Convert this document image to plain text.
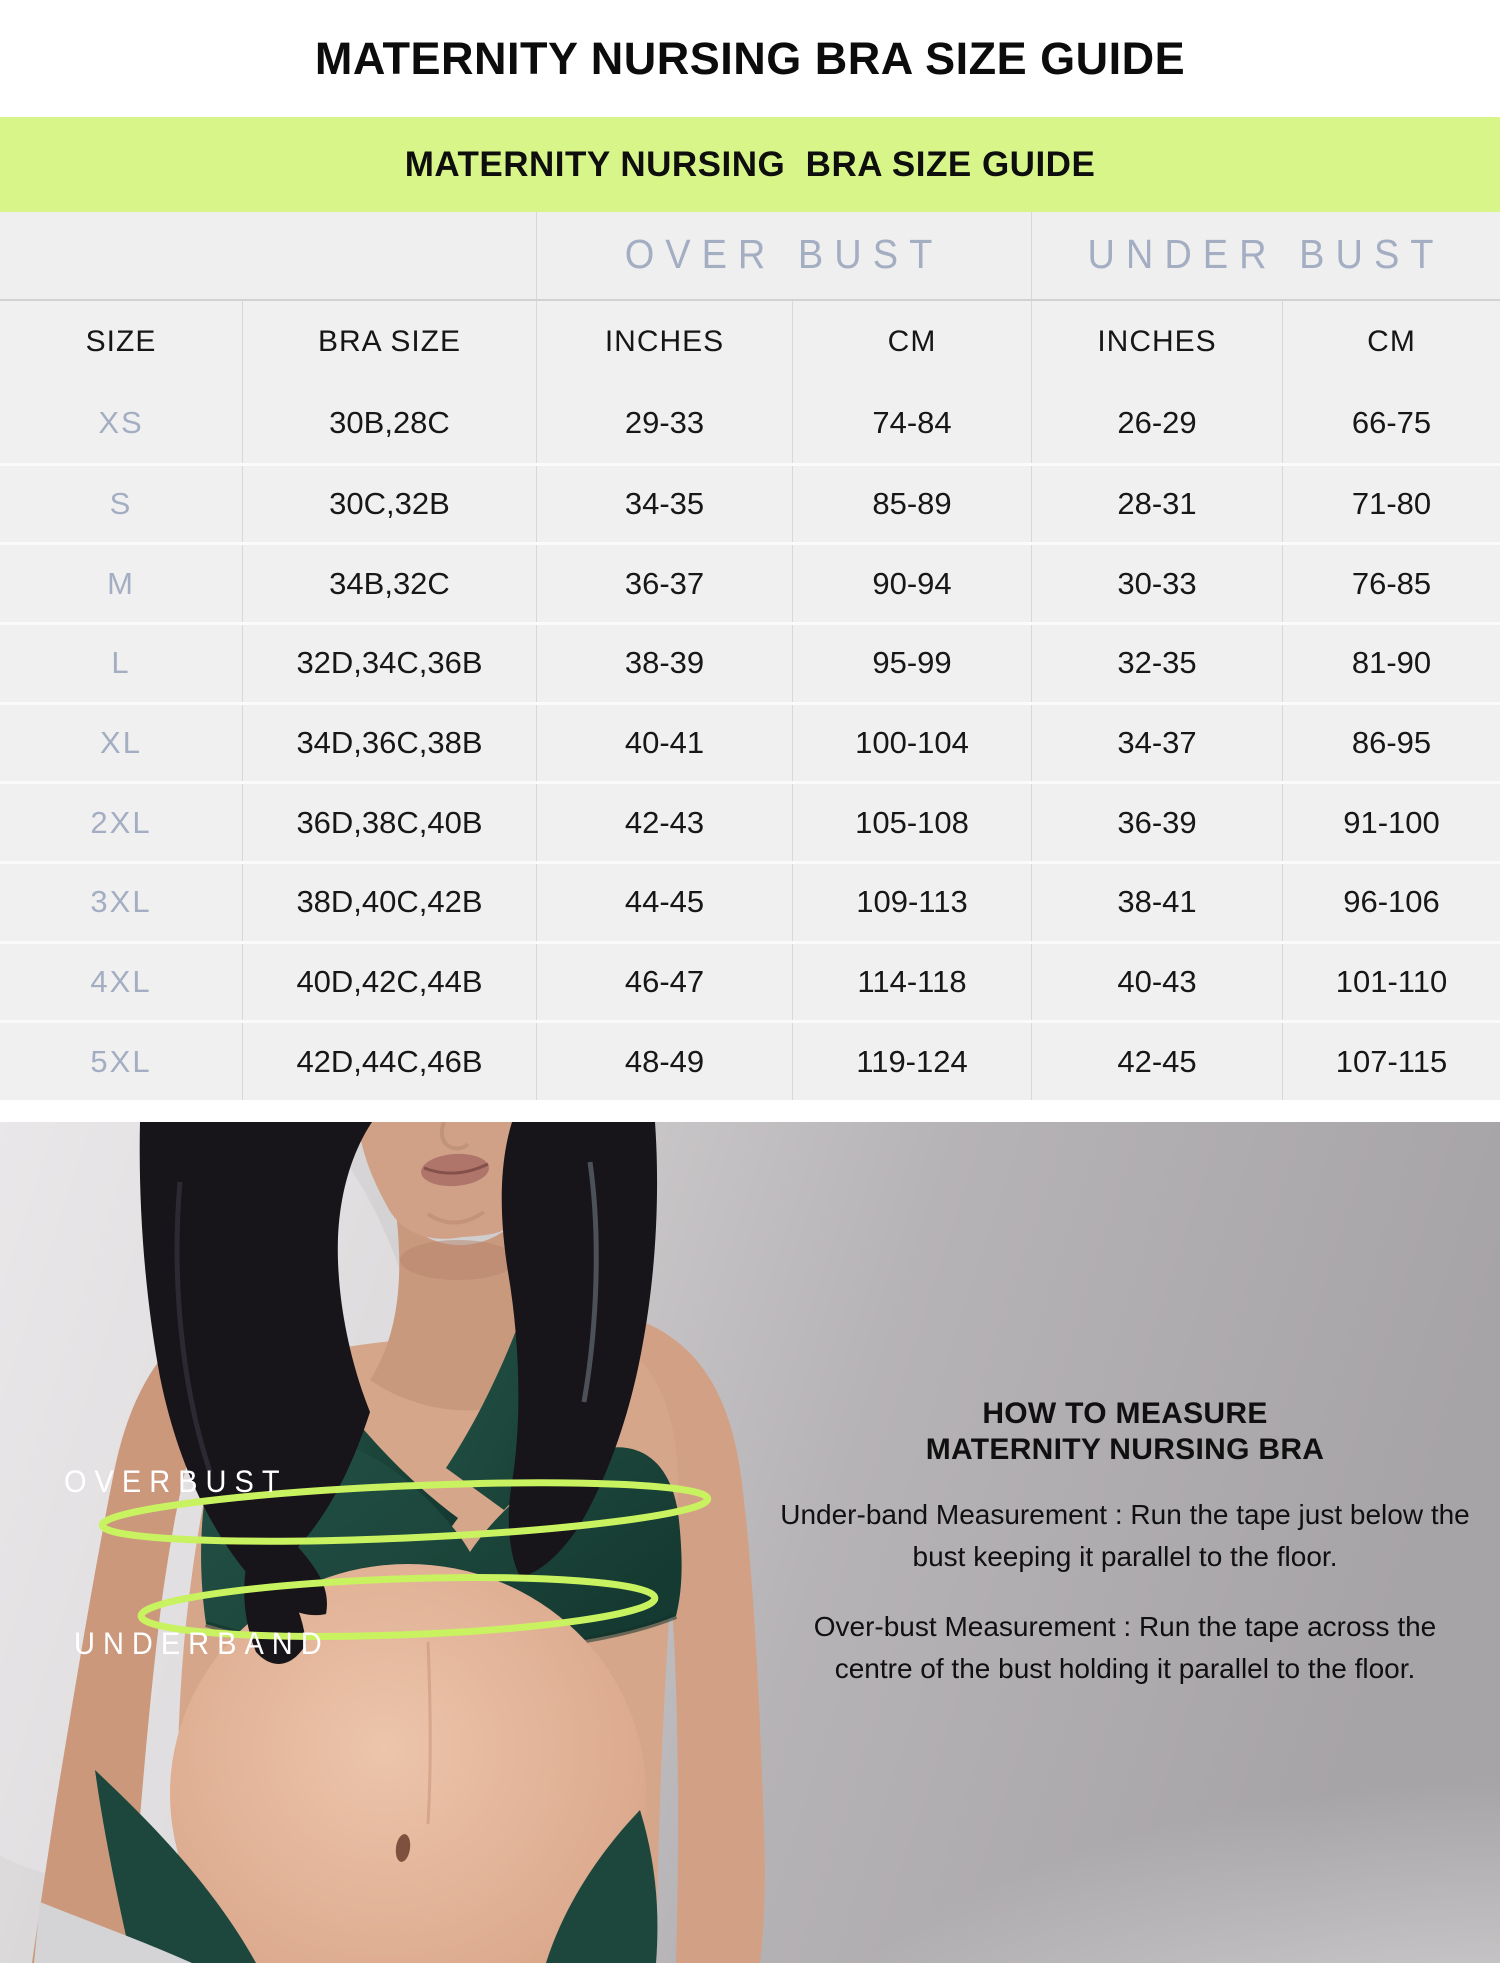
MATERNITY NURSING BRA SIZE GUIDE
MATERNITY NURSING  BRA SIZE GUIDE
OVER BUST	UNDER BUST
SIZE	BRA SIZE	INCHES	CM	INCHES	CM
XS	30B,28C	29-33	74-84	26-29	66-75
S	30C,32B	34-35	85-89	28-31	71-80
M	34B,32C	36-37	90-94	30-33	76-85
L	32D,34C,36B	38-39	95-99	32-35	81-90
XL	34D,36C,38B	40-41	100-104	34-37	86-95
2XL	36D,38C,40B	42-43	105-108	36-39	91-100
3XL	38D,40C,42B	44-45	109-113	38-41	96-106
4XL	40D,42C,44B	46-47	114-118	40-43	101-110
5XL	42D,44C,46B	48-49	119-124	42-45	107-115
OVERBUST
UNDERBAND
HOW TO MEASURE
MATERNITY NURSING BRA

Under-band Measurement : Run the tape just below the bust keeping it parallel to the floor.

Over-bust Measurement : Run the tape across the centre of the bust holding it parallel to the floor.
